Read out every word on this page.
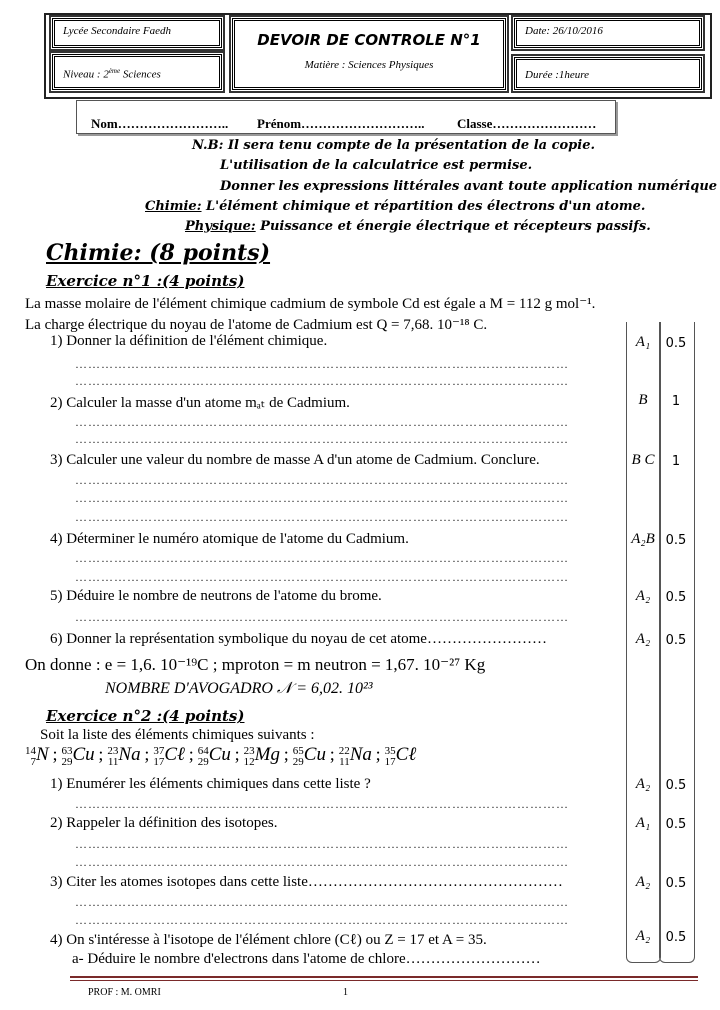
Lycée Secondaire Faedh
Niveau : 2ème Sciences
DEVOIR DE CONTROLE N°1
Matière : Sciences Physiques
Date: 26/10/2016
Durée :1heure
Nom…………………….. Prénom……………………….. Classe……………………
N.B: Il sera tenu compte de la présentation de la copie.
L'utilisation de la calculatrice est permise.
Donner les expressions littérales avant toute application numérique
Chimie: L'élément chimique et répartition des électrons d'un atome.
Physique: Puissance et énergie électrique et récepteurs passifs.
Chimie: (8 points)
Exercice n°1 :(4 points)
La masse molaire de l'élément chimique cadmium de symbole Cd est égale a M = 112 g mol⁻¹.
La charge électrique du noyau de l'atome de Cadmium est Q = 7,68. 10⁻¹⁸ C.
1) Donner la définition de l'élément chimique.
……………………………………………………………………………………………………
……………………………………………………………………………………………………
2) Calculer la masse d'un atome mₐₜ de Cadmium.
……………………………………………………………………………………………………
……………………………………………………………………………………………………
3) Calculer une valeur du nombre de masse A d'un atome de Cadmium. Conclure.
……………………………………………………………………………………………………
……………………………………………………………………………………………………
……………………………………………………………………………………………………
4) Déterminer le numéro atomique de l'atome du Cadmium.
……………………………………………………………………………………………………
……………………………………………………………………………………………………
5) Déduire le nombre de neutrons de l'atome du brome.
……………………………………………………………………………………………………
6) Donner la représentation symbolique du noyau de cet atome……………………
On donne : e = 1,6. 10⁻¹⁹C ; mproton = m neutron = 1,67. 10⁻²⁷ Kg
NOMBRE D'AVOGADRO 𝒩 = 6,02. 10²³
Exercice n°2 :(4 points)
Soit la liste des éléments chimiques suivants :
14
7 N ; 63
29 Cu ; 23
11 Na ; 37
17 Cℓ ; 64
29 Cu ; 23
12 Mg ; 65
29 Cu ; 22
11 Na ; 35
17 Cℓ
1) Enumérer les éléments chimiques dans cette liste ?
……………………………………………………………………………………………………
2) Rappeler la définition des isotopes.
……………………………………………………………………………………………………
……………………………………………………………………………………………………
3) Citer les atomes isotopes dans cette liste……………………………………………
……………………………………………………………………………………………………
……………………………………………………………………………………………………
4) On s'intéresse à l'isotope de l'élément chlore (Cℓ) ou Z = 17 et A = 35.
a- Déduire le nombre d'electrons dans l'atome de chlore………………………
A₁	0.5
B	1
B C	1
A₂B 0.5
A₂	0.5
A₂	0.5
A₂	0.5
A₁	0.5
A₂	0.5
A₂	0.5
PROF : M. OMRI	1
